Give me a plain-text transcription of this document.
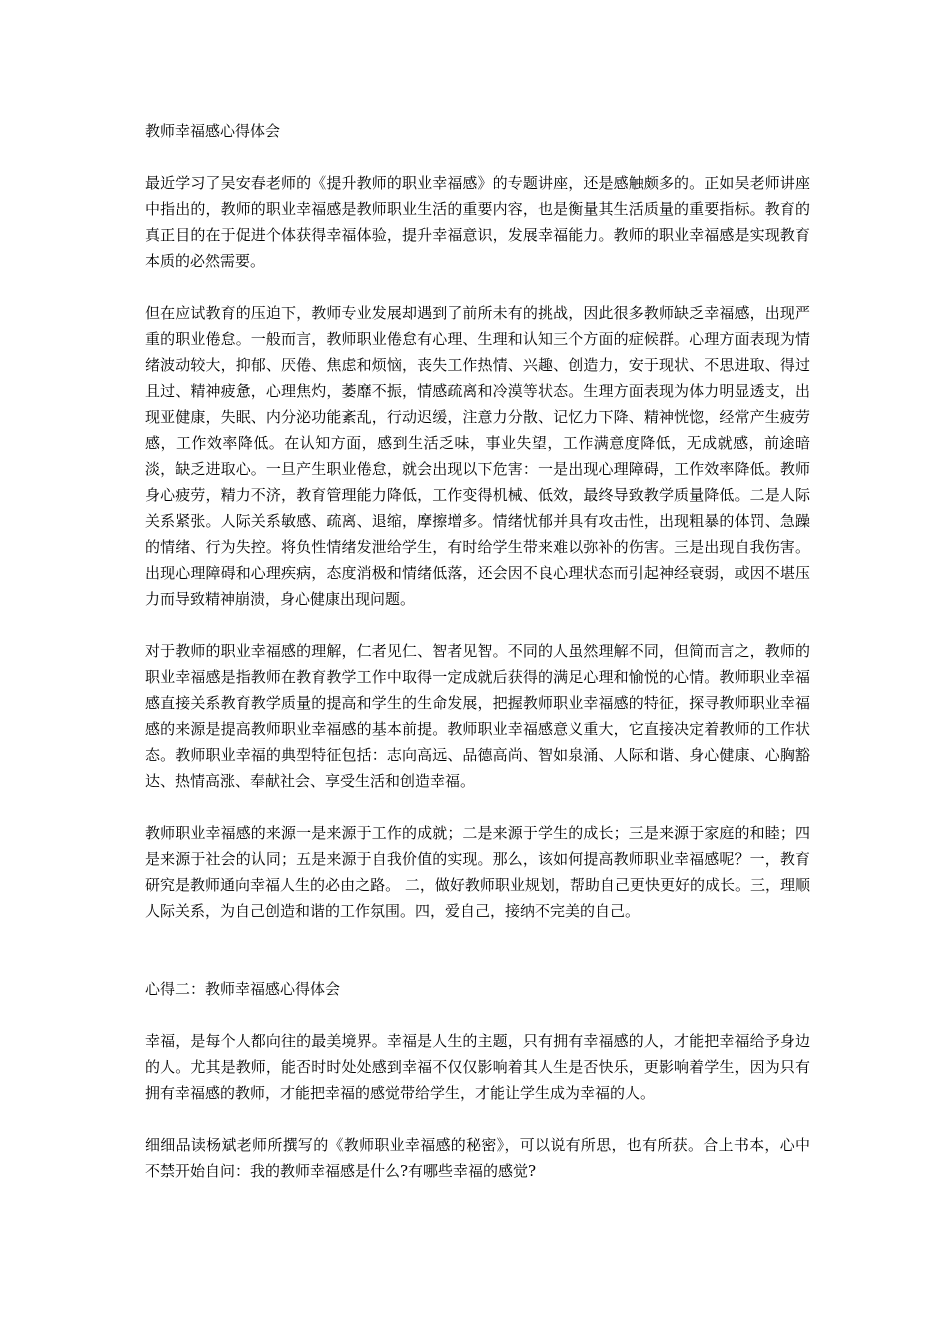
教师幸福感心得体会

最近学习了吴安春老师的《提升教师的职业幸福感》的专题讲座，还是感触颇多的。正如吴老师讲座中指出的，教师的职业幸福感是教师职业生活的重要内容，也是衡量其生活质量的重要指标。教育的真正目的在于促进个体获得幸福体验，提升幸福意识，发展幸福能力。教师的职业幸福感是实现教育本质的必然需要。

但在应试教育的压迫下，教师专业发展却遇到了前所未有的挑战，因此很多教师缺乏幸福感，出现严重的职业倦怠。一般而言，教师职业倦怠有心理、生理和认知三个方面的症候群。心理方面表现为情绪波动较大，抑郁、厌倦、焦虑和烦恼，丧失工作热情、兴趣、创造力，安于现状、不思进取、得过且过、精神疲惫，心理焦灼，萎靡不振，情感疏离和冷漠等状态。生理方面表现为体力明显透支，出现亚健康，失眠、内分泌功能紊乱，行动迟缓，注意力分散、记忆力下降、精神恍惚，经常产生疲劳感，工作效率降低。在认知方面，感到生活乏味，事业失望，工作满意度降低，无成就感，前途暗淡，缺乏进取心。一旦产生职业倦怠，就会出现以下危害：一是出现心理障碍，工作效率降低。教师身心疲劳，精力不济，教育管理能力降低，工作变得机械、低效，最终导致教学质量降低。二是人际关系紧张。人际关系敏感、疏离、退缩，摩擦增多。情绪忧郁并具有攻击性，出现粗暴的体罚、急躁的情绪、行为失控。将负性情绪发泄给学生，有时给学生带来难以弥补的伤害。三是出现自我伤害。出现心理障碍和心理疾病，态度消极和情绪低落，还会因不良心理状态而引起神经衰弱，或因不堪压力而导致精神崩溃，身心健康出现问题。

对于教师的职业幸福感的理解，仁者见仁、智者见智。不同的人虽然理解不同，但简而言之，教师的职业幸福感是指教师在教育教学工作中取得一定成就后获得的满足心理和愉悦的心情。教师职业幸福感直接关系教育教学质量的提高和学生的生命发展，把握教师职业幸福感的特征，探寻教师职业幸福感的来源是提高教师职业幸福感的基本前提。教师职业幸福感意义重大，它直接决定着教师的工作状态。教师职业幸福的典型特征包括：志向高远、品德高尚、智如泉涌、人际和谐、身心健康、心胸豁达、热情高涨、奉献社会、享受生活和创造幸福。

教师职业幸福感的来源一是来源于工作的成就；二是来源于学生的成长；三是来源于家庭的和睦；四是来源于社会的认同；五是来源于自我价值的实现。那么，该如何提高教师职业幸福感呢？一，教育研究是教师通向幸福人生的必由之路。 二，做好教师职业规划，帮助自己更快更好的成长。三，理顺人际关系，为自己创造和谐的工作氛围。四，爱自己，接纳不完美的自己。

心得二：教师幸福感心得体会

幸福，是每个人都向往的最美境界。幸福是人生的主题，只有拥有幸福感的人，才能把幸福给予身边的人。尤其是教师，能否时时处处感到幸福不仅仅影响着其人生是否快乐，更影响着学生，因为只有拥有幸福感的教师，才能把幸福的感觉带给学生，才能让学生成为幸福的人。

细细品读杨斌老师所撰写的《教师职业幸福感的秘密》，可以说有所思，也有所获。合上书本，心中不禁开始自问：我的教师幸福感是什么?有哪些幸福的感觉?
